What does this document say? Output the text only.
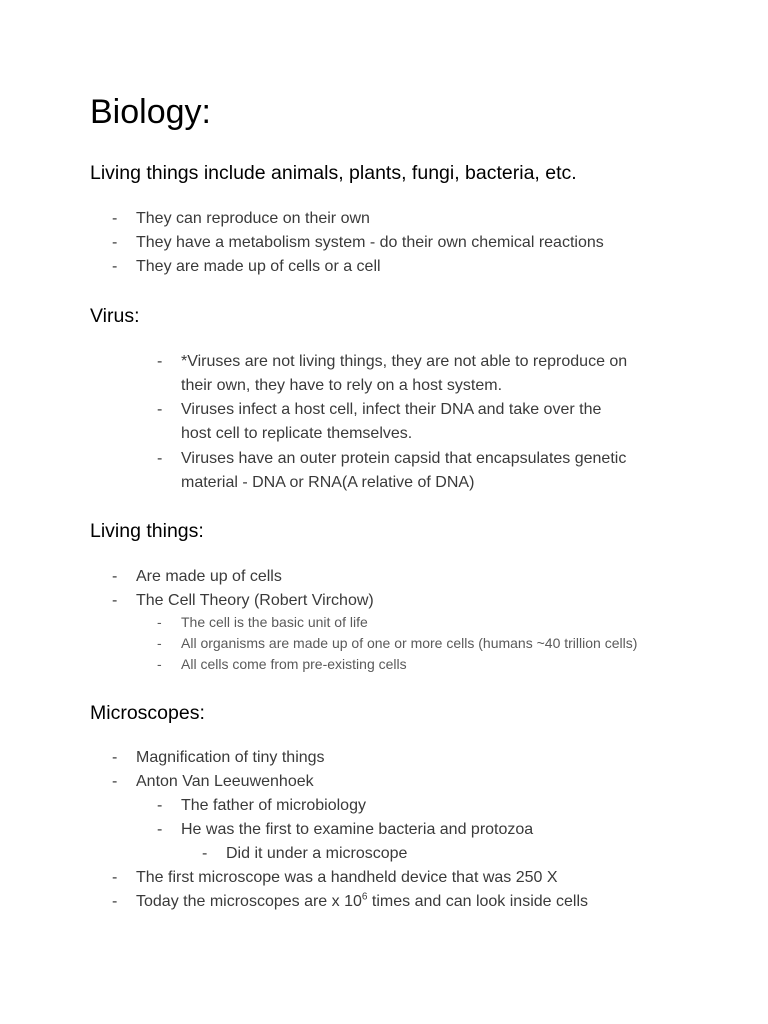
Biology:
Living things include animals, plants, fungi, bacteria, etc.
- They can reproduce on their own
- They have a metabolism system - do their own chemical reactions
- They are made up of cells or a cell
Virus:
- *Viruses are not living things, they are not able to reproduce on
their own, they have to rely on a host system.
- Viruses infect a host cell, infect their DNA and take over the
host cell to replicate themselves.
- Viruses have an outer protein capsid that encapsulates genetic
material - DNA or RNA(A relative of DNA)
Living things:
- Are made up of cells
- The Cell Theory (Robert Virchow)
- The cell is the basic unit of life
- All organisms are made up of one or more cells (humans ~40 trillion cells)
- All cells come from pre-existing cells
Microscopes:
- Magnification of tiny things
- Anton Van Leeuwenhoek
- The father of microbiology
- He was the first to examine bacteria and protozoa
- Did it under a microscope
- The first microscope was a handheld device that was 250 X
- Today the microscopes are x $10^6$ times and can look inside cells
